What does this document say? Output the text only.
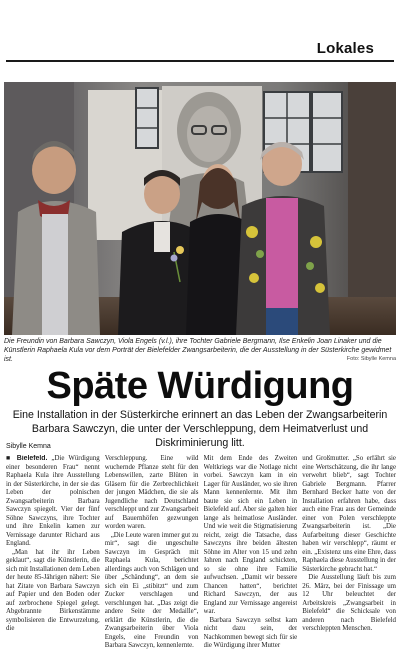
Lokales
Die Freundin von Barbara Sawczyn, Viola Engels (v.l.), ihre Tochter Gabriele Bergmann, Ilse Enkelin Joan Linaker und die Künstlerin Raphaela Kula vor dem Porträt der Bielefelder Zwangsarbeiterin, die der Ausstellung in der Süsterkirche gewidmet ist.	Foto: Sibylle Kemna
Späte Würdigung
Eine Installation in der Süsterkirche erinnert an das Leben der Zwangsarbeiterin Barbara Sawczyn, die unter der Verschleppung, dem Heimatverlust und Diskriminierung litt.
Sibylle Kemna

■ Bielefeld. „Die Würdigung einer besonderen Frau“ nennt Raphaela Kula ihre Ausstellung in der Süsterkirche, in der sie das Leben der polnischen Zwangsarbeiterin Barbara Sawczyn spiegelt. Vier der fünf Söhne Sawczyns, ihre Tochter und ihre Enkelin kamen zur Vernissage darunter Richard aus England.

„Man hat ihr ihr Leben geklaut“, sagt die Künstlerin, die sich mit Installationen dem Leben der heute 85-Jährigen nähert: Sie hat Zitate von Barbara Sawczyn auf Papier und den Boden oder auf zerbrochene Spiegel gelegt. Abgebrannte Birkenstämme symbolisieren die Entwurzelung, die

Verschleppung. Eine wild wuchernde Pflanze steht für den Lebenswillen, zarte Blüten in Gläsern für die Zerbrechlichkeit der jungen Mädchen, die sie als Jugendliche nach Deutschland verschleppt und zur Zwangsarbeit auf Bauernhöfen gezwungen worden waren.

„Die Leute waren immer gut zu mir“, sagt die ungeschulte Sawczyn im Gespräch mit Raphaela Kula, berichtet allerdings auch von Schlägen und über „Schändung“, an dem sie sich ein Ei „stibitzt“ und zum Zucker verschlagen und verschlungen hat. „Das zeigt die andere Seite der Medaille“, erklärt die Künstlerin, die die Zwangsarbeiterin über Viola Engels, eine Freundin von Barbara Sawczyn, kennenlernte.

Mit dem Ende des Zweiten Weltkriegs war die Notlage nicht vorbei. Sawczyn kam in ein Lager für Ausländer, wo sie ihren Mann kennenlernte. Mit ihm baute sie sich ein Leben in Bielefeld auf. Aber sie galten hier lange als heimatlose Ausländer. Und wie weit die Stigmatisierung reicht, zeigt die Tatsache, dass Sawczyns ihre beiden ältesten Söhne im Alter von 15 und zehn Jahren nach England schickten, so sie ohne ihre Familie aufwuchsen. „Damit wir bessere Chancen hatten“, berichtet Richard Sawczyn, der aus England zur Vernissage angereist war.

Barbara Sawczyn selbst kam nicht dazu sein, der Nachkommen bewegt sich für sie die Würdigung ihrer Mutter

und Großmutter. „So erfährt sie eine Wertschätzung, die ihr lange verwehrt blieb“, sagt Tochter Gabriele Bergmann. Pfarrer Bernhard Becker hatte von der Installation erfahren habe, dass auch eine Frau aus der Gemeinde einer von Polen verschleppte Zwangsarbeiterin ist. „Die Aufarbeitung dieser Geschichte haben wir verschlepp“, räumt er ein. „Existenz uns eine Ehre, dass Raphaela diese Ausstellung in der Süsterkirche gebracht hat.“

Die Ausstellung läuft bis zum 26. März, bei der Finissage um 12 Uhr beleuchtet der Arbeitskreis „Zwangsarbeit in Bielefeld“ die Schicksale von anderen nach Bielefeld verschleppten Menschen.
